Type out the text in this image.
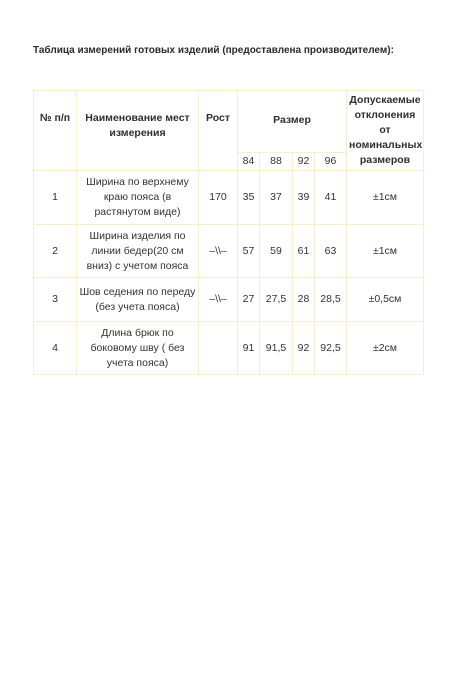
Таблица измерений готовых изделий (предоставлена производителем):
№ п/п	Наименование мест измерения	Рост	Размер				Допускаемые отклонения от номинальных размеров
			84	88	92	96	
1	Ширина по верхнему краю пояса (в растянутом виде)	170	35	37	39	41	±1см
2	Ширина изделия по линии бедер(20 см вниз) с учетом пояса	–\\–	57	59	61	63	±1см
3	Шов седения по переду (без учета пояса)	–\\–	27	27,5	28	28,5	±0,5см
4	Длина брюк по боковому шву ( без учета пояса)		91	91,5	92	92,5	±2см
